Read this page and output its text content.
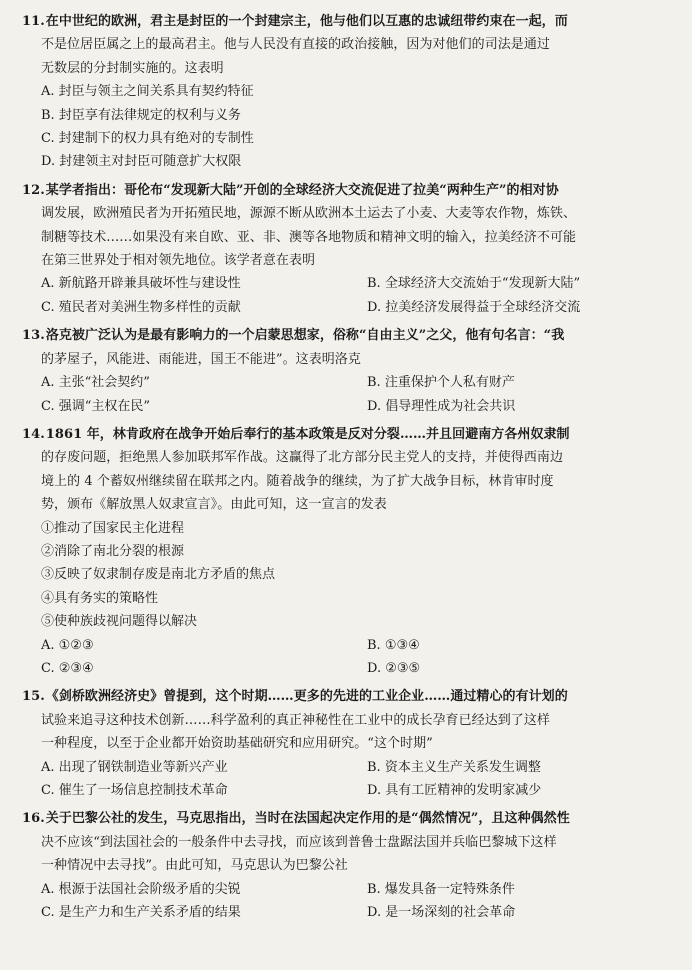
11.在中世纪的欧洲，君主是封臣的一个封建宗主，他与他们以互惠的忠诚纽带约束在一起，而
不是位居臣属之上的最高君主。他与人民没有直接的政治接触，因为对他们的司法是通过
无数层的分封制实施的。这表明
A. 封臣与领主之间关系具有契约特征
B. 封臣享有法律规定的权利与义务
C. 封建制下的权力具有绝对的专制性
D. 封建领主对封臣可随意扩大权限
12.某学者指出：哥伦布“发现新大陆”开创的全球经济大交流促进了拉美“两种生产”的相对协
调发展，欧洲殖民者为开拓殖民地，源源不断从欧洲本土运去了小麦、大麦等农作物，炼铁、
制糖等技术……如果没有来自欧、亚、非、澳等各地物质和精神文明的输入，拉美经济不可能
在第三世界处于相对领先地位。该学者意在表明
A. 新航路开辟兼具破坏性与建设性	B. 全球经济大交流始于“发现新大陆”
C. 殖民者对美洲生物多样性的贡献	D. 拉美经济发展得益于全球经济交流
13.洛克被广泛认为是最有影响力的一个启蒙思想家，俗称“自由主义”之父，他有句名言：“我
的茅屋子，风能进、雨能进，国王不能进”。这表明洛克
A. 主张“社会契约”	B. 注重保护个人私有财产
C. 强调“主权在民”	D. 倡导理性成为社会共识
14.1861 年，林肯政府在战争开始后奉行的基本政策是反对分裂……并且回避南方各州奴隶制
的存废问题，拒绝黑人参加联邦军作战。这赢得了北方部分民主党人的支持，并使得西南边
境上的 4 个蓄奴州继续留在联邦之内。随着战争的继续，为了扩大战争目标，林肯审时度
势，颁布《解放黑人奴隶宣言》。由此可知，这一宣言的发表
①推动了国家民主化进程
②消除了南北分裂的根源
③反映了奴隶制存废是南北方矛盾的焦点
④具有务实的策略性
⑤使种族歧视问题得以解决
A. ①②③	B. ①③④
C. ②③④	D. ②③⑤
15.《剑桥欧洲经济史》曾提到，这个时期……更多的先进的工业企业……通过精心的有计划的
试验来追寻这种技术创新……科学盈利的真正神秘性在工业中的成长孕育已经达到了这样
一种程度，以至于企业都开始资助基础研究和应用研究。“这个时期”
A. 出现了钢铁制造业等新兴产业	B. 资本主义生产关系发生调整
C. 催生了一场信息控制技术革命	D. 具有工匠精神的发明家减少
16.关于巴黎公社的发生，马克思指出，当时在法国起决定作用的是“偶然情况”，且这种偶然性
决不应该“到法国社会的一般条件中去寻找，而应该到普鲁士盘踞法国并兵临巴黎城下这样
一种情况中去寻找”。由此可知，马克思认为巴黎公社
A. 根源于法国社会阶级矛盾的尖锐	B. 爆发具备一定特殊条件
C. 是生产力和生产关系矛盾的结果	D. 是一场深刻的社会革命
